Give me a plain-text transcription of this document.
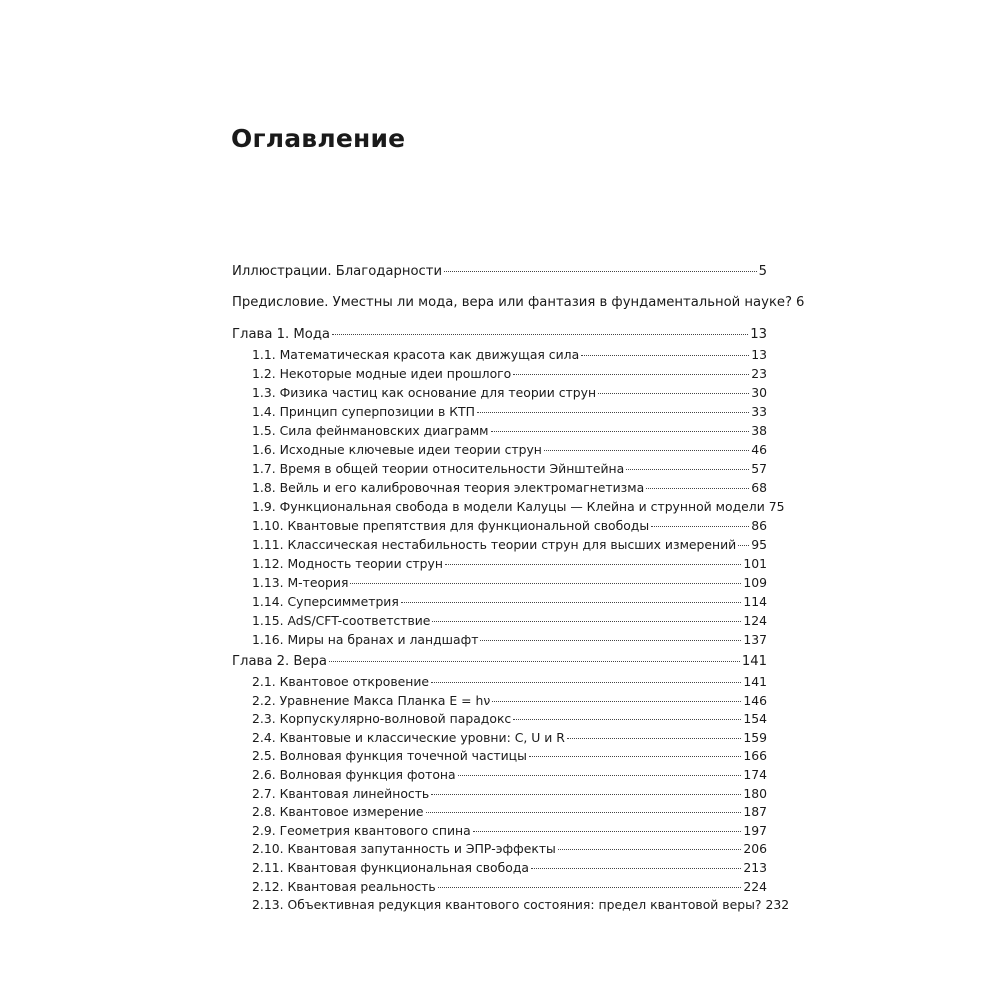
Оглавление
Иллюстрации. Благодарности	5
Предисловие. Уместны ли мода, вера или фантазия в фундаментальной науке? 6
Глава 1. Мода	13
1.1. Математическая красота как движущая сила	13
1.2. Некоторые модные идеи прошлого	23
1.3. Физика частиц как основание для теории струн	30
1.4. Принцип суперпозиции в КТП	33
1.5. Сила фейнмановских диаграмм	38
1.6. Исходные ключевые идеи теории струн	46
1.7. Время в общей теории относительности Эйнштейна	57
1.8. Вейль и его калибровочная теория электромагнетизма	68
1.9. Функциональная свобода в модели Калуцы — Клейна и струнной модели 75
1.10. Квантовые препятствия для функциональной свободы	86
1.11. Классическая нестабильность теории струн для высших измерений 95
1.12. Модность теории струн	101
1.13. М-теория	109
1.14. Суперсимметрия	114
1.15. AdS/CFT-соответствие	124
1.16. Миры на бранах и ландшафт	137
Глава 2. Вера	141
2.1. Квантовое откровение	141
2.2. Уравнение Макса Планка E = hν	146
2.3. Корпускулярно-волновой парадокс	154
2.4. Квантовые и классические уровни: C, U и R	159
2.5. Волновая функция точечной частицы	166
2.6. Волновая функция фотона	174
2.7. Квантовая линейность	180
2.8. Квантовое измерение	187
2.9. Геометрия квантового спина	197
2.10. Квантовая запутанность и ЭПР-эффекты	206
2.11. Квантовая функциональная свобода	213
2.12. Квантовая реальность	224
2.13. Объективная редукция квантового состояния: предел квантовой веры? 232
